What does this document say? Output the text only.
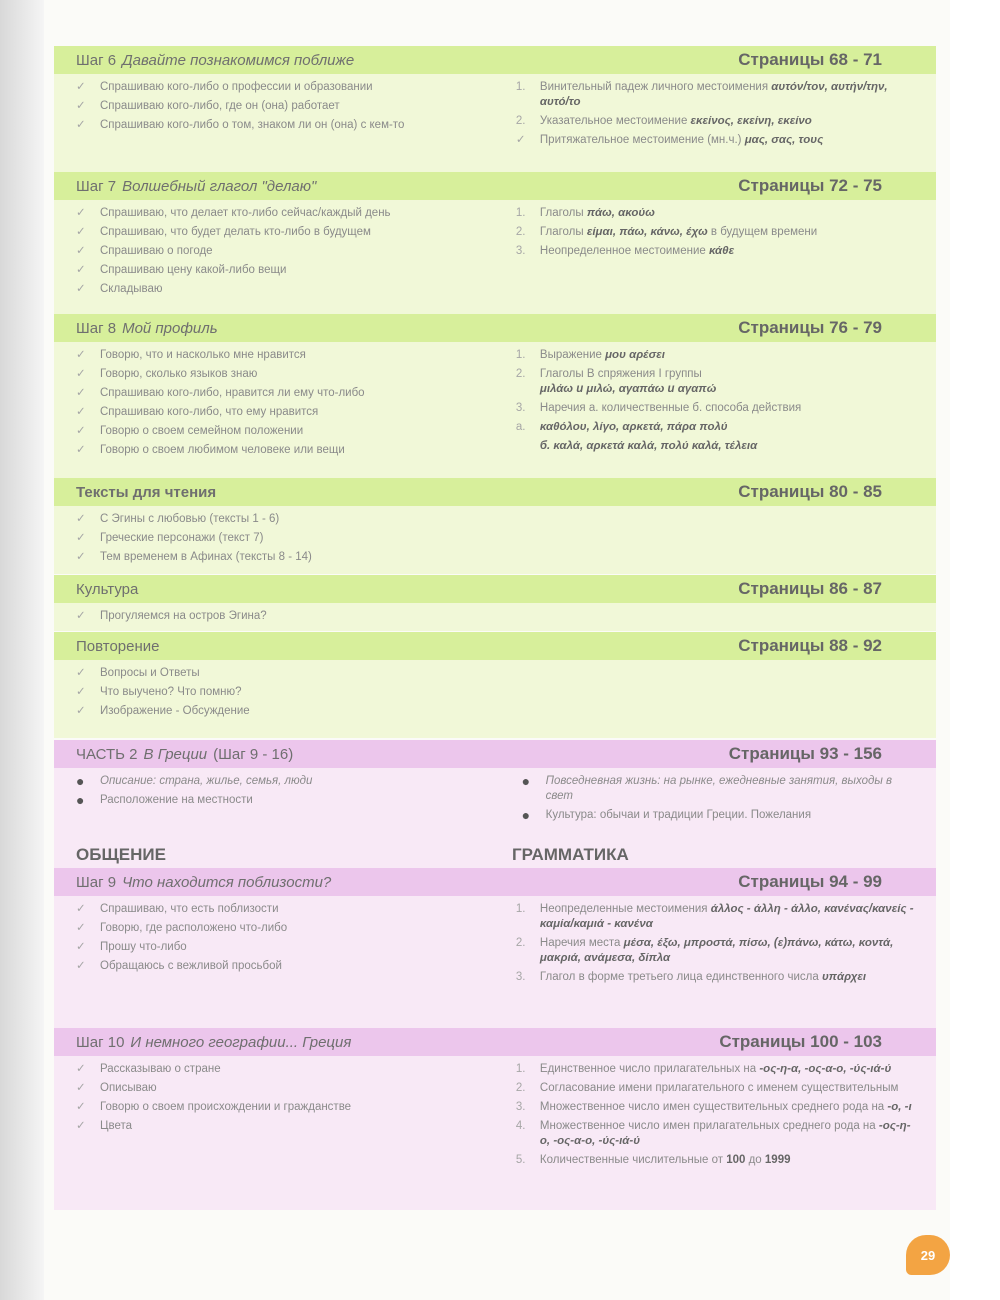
Шаг 6 Давайте познакомимся поближе	Страницы 68 - 71
✓	Спрашиваю кого-либо о профессии и образовании
✓	Спрашиваю кого-либо, где он (она) работает
✓	Спрашиваю кого-либо о том, знаком ли он (она) с кем-то
1.	Винительный падеж личного местоимения αυτόν/τον, αυτήν/την, αυτό/το
2.	Указательное местоимение εκείνος, εκείνη, εκείνο
✓	Притяжательное местоимение (мн.ч.) μας, σας, τους
Шаг 7 Волшебный глагол "делаю"	Страницы 72 - 75
✓	Спрашиваю, что делает кто-либо сейчас/каждый день
✓	Спрашиваю, что будет делать кто-либо в будущем
✓	Спрашиваю о погоде
✓	Спрашиваю цену какой-либо вещи
✓	Складываю
1.	Глаголы πάω, ακούω
2.	Глаголы είμαι, πάω, κάνω, έχω в будущем времени
3.	Неопределенное местоимение κάθε
Шаг 8 Мой профиль	Страницы 76 - 79
✓	Говорю, что и насколько мне нравится
✓	Говорю, сколько языков знаю
✓	Спрашиваю кого-либо, нравится ли ему что-либо
✓	Спрашиваю кого-либо, что ему нравится
✓	Говорю о своем семейном положении
✓	Говорю о своем любимом человеке или вещи
1.	Выражение μου αρέσει
2.	Глаголы B спряжения I группы
μιλάω и μιλώ, αγαπάω и αγαπώ
3.	Наречия а. количественные б. способа действия
а.	καθόλου, λίγο, αρκετά, πάρα πολύ
б. καλά, αρκετά καλά, πολύ καλά, τέλεια
Тексты для чтения	Страницы 80 - 85
✓	С Эгины с любовью (тексты 1 - 6)
✓	Греческие персонажи (текст 7)
✓	Тем временем в Афинах (тексты 8 - 14)
Культура	Страницы 86 - 87
✓	Прогуляемся на остров Эгина?
Повторение	Страницы 88 - 92
✓	Вопросы и Ответы
✓	Что выучено? Что помню?
✓	Изображение - Обсуждение
ЧАСТЬ 2 В Греции (Шаг 9 - 16)	Страницы 93 - 156
●	Описание: страна, жилье, семья, люди
●	Расположение на местности
●	Повседневная жизнь: на рынке, ежедневные занятия, выходы в свет
●	Культура: обычаи и традиции Греции. Пожелания
ОБЩЕНИЕ	ГРАММАТИКА
Шаг 9 Что находится поблизости?	Страницы 94 - 99
✓	Спрашиваю, что есть поблизости
✓	Говорю, где расположено что-либо
✓	Прошу что-либо
✓	Обращаюсь с вежливой просьбой
1.	Неопределенные местоимения άλλος - άλλη - άλλο, κανένας/κανείς - καμία/καμιά - κανένα
2.	Наречия места μέσα, έξω, μπροστά, πίσω, (ε)πάνω, κάτω, κοντά, μακριά, ανάμεσα, δίπλα
3.	Глагол в форме третьего лица единственного числа υπάρχει
Шаг 10 И немного географии... Греция	Страницы 100 - 103
✓	Рассказываю о стране
✓	Описываю
✓	Говорю о своем происхождении и гражданстве
✓	Цвета
1.	Единственное число прилагательных на -ος-η-α, -ος-α-ο, -ύς-ιά-ύ
2.	Согласование имени прилагательного с именем существительным
3.	Множественное число имен существительных среднего рода на -ο, -ι
4.	Множественное число имен прилагательных среднего рода на -ος-η-ο, -ος-α-ο, -ύς-ιά-ύ
5.	Количественные числительные от 100 до 1999
29
